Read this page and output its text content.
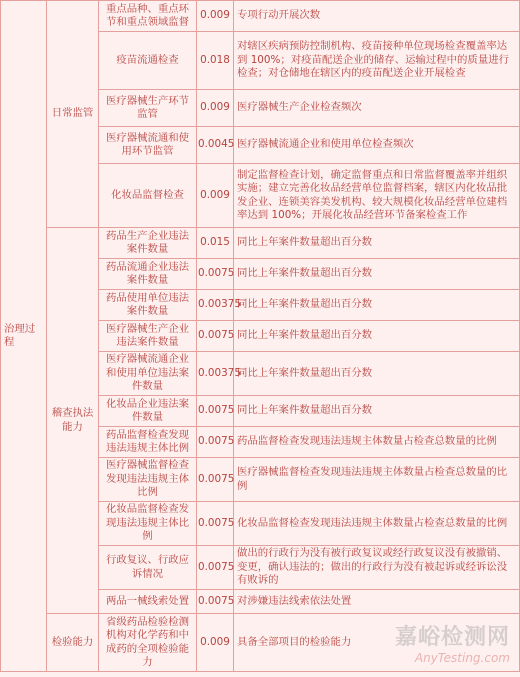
治理过程	日常监管	重点品种、重点环节和重点领域监督	0.009	专项行动开展次数
		疫苗流通检查	0.018	对辖区疾病预防控制机构、疫苗接种单位现场检查覆盖率达到 100%；对疫苗配送企业的储存、运输过程中的质量进行检查；对仓储地在辖区内的疫苗配送企业开展检查
		医疗器械生产环节监管	0.009	医疗器械生产企业检查频次
		医疗器械流通和使用环节监管	0.0045	医疗器械流通企业和使用单位检查频次
		化妆品监督检查	0.009	制定监督检查计划，确定监督重点和日常监督覆盖率并组织实施；建立完善化妆品经营单位监督档案，辖区内化妆品批发企业、连锁美容美发机构、较大规模化妆品经营单位建档率达到 100%；开展化妆品经营环节备案检查工作
	稽查执法能力	药品生产企业违法案件数量	0.015	同比上年案件数量超出百分数
		药品流通企业违法案件数量	0.0075	同比上年案件数量超出百分数
		药品使用单位违法案件数量	0.00375	同比上年案件数量超出百分数
		医疗器械生产企业违法案件数量	0.0075	同比上年案件数量超出百分数
		医疗器械流通企业和使用单位违法案件数量	0.00375	同比上年案件数量超出百分数
		化妆品企业违法案件数量	0.0075	同比上年案件数量超出百分数
		药品监督检查发现违法违规主体比例	0.0075	药品监督检查发现违法违规主体数量占检查总数量的比例
		医疗器械监督检查发现违法违规主体比例	0.0075	医疗器械监督检查发现违法违规主体数量占检查总数量的比例
		化妆品监督检查发现违法违规主体比例	0.0075	化妆品监督检查发现违法违规主体数量占检查总数量的比例
		行政复议、行政应诉情况	0.0075	做出的行政行为没有被行政复议或经行政复议没有被撤销、变更，确认违法的；做出的行政行为没有被起诉或经诉讼没有败诉的
		两品一械线索处置	0.0075	对涉嫌违法线索依法处置
	检验能力	省级药品检验检测机构对化学药和中成药的全项检验能力	0.009	具备全部项目的检验能力 嘉峪检测网
AnyTesting.com
